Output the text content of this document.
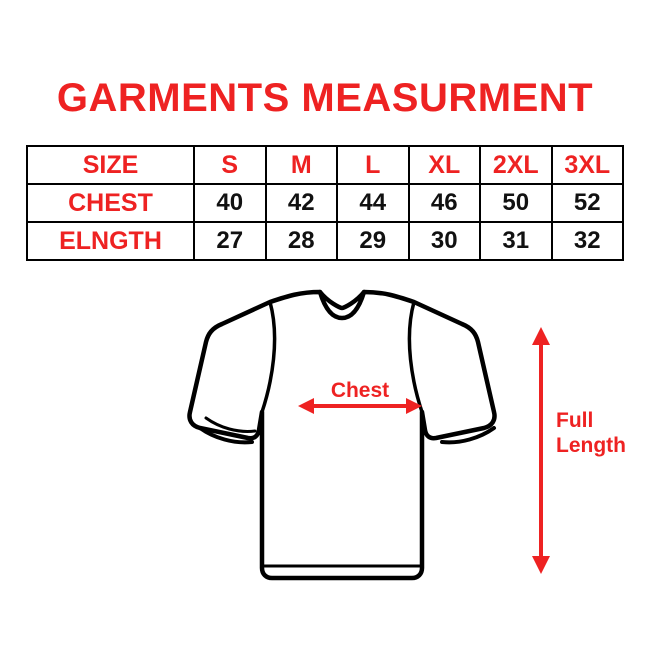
GARMENTS MEASURMENT
SIZE	S	M	L	XL	2XL	3XL
CHEST	40	42	44	46	50	52
ELNGTH	27	28	29	30	31	32
Chest
Full
Length
